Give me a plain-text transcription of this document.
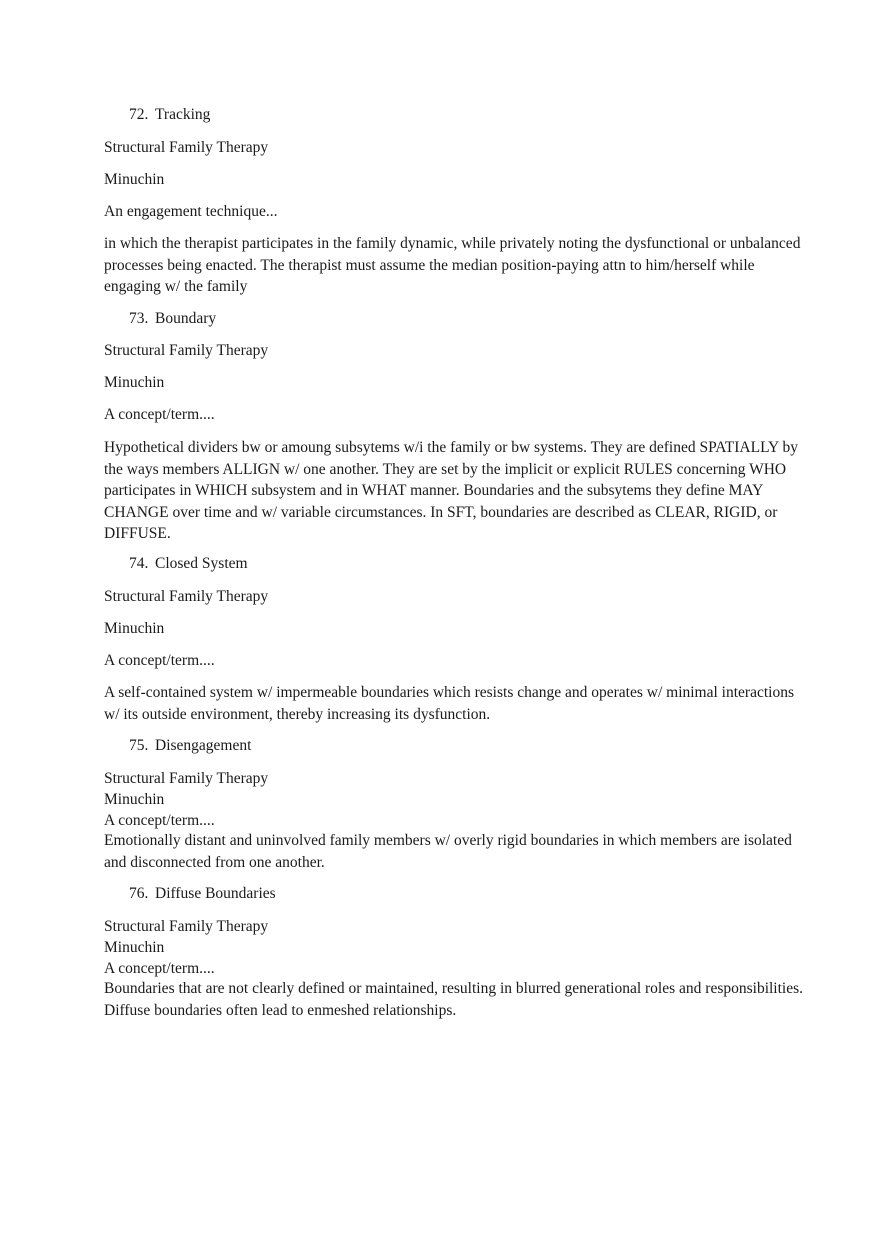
72. Tracking

Structural Family Therapy

Minuchin

An engagement technique...

in which the therapist participates in the family dynamic, while privately noting the dysfunctional or unbalanced processes being enacted. The therapist must assume the median position-paying attn to him/herself while engaging w/ the family

73. Boundary

Structural Family Therapy

Minuchin

A concept/term....

Hypothetical dividers bw or amoung subsytems w/i the family or bw systems. They are defined SPATIALLY by the ways members ALLIGN w/ one another. They are set by the implicit or explicit RULES concerning WHO participates in WHICH subsystem and in WHAT manner. Boundaries and the subsytems they define MAY CHANGE over time and w/ variable circumstances. In SFT, boundaries are described as CLEAR, RIGID, or DIFFUSE.

74. Closed System

Structural Family Therapy

Minuchin

A concept/term....

A self-contained system w/ impermeable boundaries which resists change and operates w/ minimal interactions w/ its outside environment, thereby increasing its dysfunction.

75. Disengagement

Structural Family Therapy

Minuchin

A concept/term....

Emotionally distant and uninvolved family members w/ overly rigid boundaries in which members are isolated and disconnected from one another.

76. Diffuse Boundaries

Structural Family Therapy

Minuchin

A concept/term....

Boundaries that are not clearly defined or maintained, resulting in blurred generational roles and responsibilities. Diffuse boundaries often lead to enmeshed relationships.
